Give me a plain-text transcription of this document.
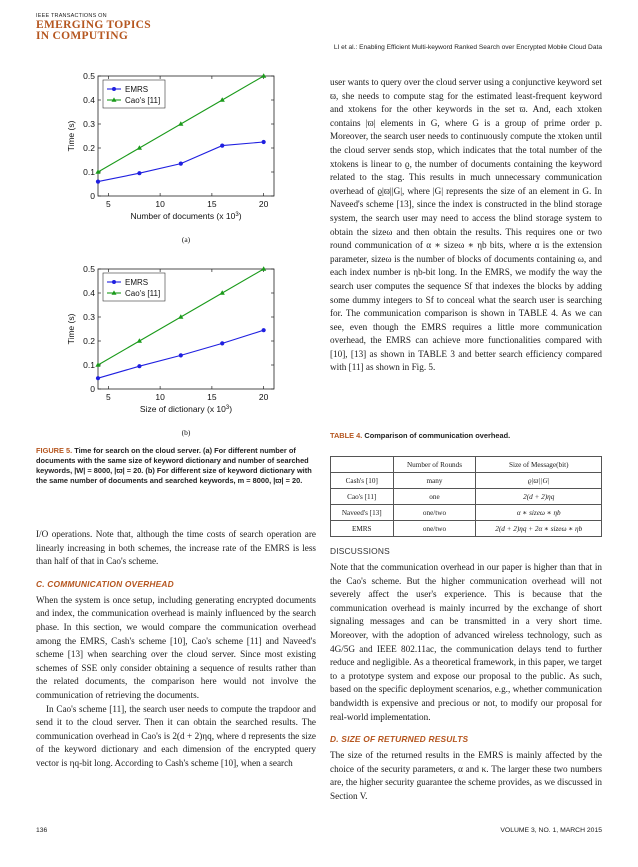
IEEE TRANSACTIONS ON
EMERGING TOPICS
IN COMPUTING
LI et al.: Enabling Efficient Multi-keyword Ranked Search over Encrypted Mobile Cloud Data
0
0.1
0.2
0.3
0.4
0.5
5	10	15	20
Number of documents (x $10^3$)
Time (s)
EMRS
Cao's [11]
(a)
0
0.1
0.2
0.3
0.4
0.5
5	10	15	20
Size of dictionary (x $10^3$)
Time (s)
EMRS
Cao's [11]
(b)
FIGURE 5. Time for search on the cloud server. (a) For different number of documents with the same size of keyword dictionary and number of searched keywords, |W| = 8000, |ϖ| = 20. (b) For different size of keyword dictionary with the same number of documents and searched keywords, m = 8000, |ϖ| = 20.

I/O operations. Note that, although the time costs of search operation are linearly increasing in both schemes, the increase rate of the EMRS is less than half of that in Cao's scheme.

C. COMMUNICATION OVERHEAD

When the system is once setup, including generating encrypted documents and index, the communication overhead is mainly influenced by the search phase. In this section, we would compare the communication overhead among the EMRS, Cash's scheme [10], Cao's scheme [11] and Naveed's scheme [13] when searching over the cloud server. Since most existing schemes of SSE only consider obtaining a sequence of results rather than the related documents, the comparison here would not involve the communication of retrieving the documents.

In Cao's scheme [11], the search user needs to compute the trapdoor and send it to the cloud server. Then it can obtain the searched results. The communication overhead in Cao's is 2(d + 2)ηq, where d represents the size of the keyword dictionary and each dimension of the encrypted query vector is ηq-bit long. According to Cash's scheme [10], when a search

user wants to query over the cloud server using a conjunctive keyword set ϖ, she needs to compute stag for the estimated least-frequent keyword and xtokens for the other keywords in the set ϖ. And, each xtoken contains |ϖ| elements in G, where G is a group of prime order p. Moreover, the search user needs to continuously compute the xtoken until the cloud server sends stop, which indicates that the total number of the xtokens is linear to ϱ, the number of documents containing the keyword related to the stag. This results in much unnecessary communication overhead of ϱ|ϖ||G|, where |G| represents the size of an element in G. In Naveed's scheme [13], since the index is constructed in the blind storage system, the search user may need to access the blind storage system to obtain the sizeω and then obtain the results. This requires one or two round communication of α ∗ sizeω ∗ ηb bits, where α is the extension parameter, sizeω is the number of blocks of documents containing ω, and each index number is ηb-bit long. In the EMRS, we modify the way the search user computes the sequence Sf that indexes the blocks by adding some dummy integers to Sf to conceal what the search user is searching for. The communication comparison is shown in TABLE 4. As we can see, even though the EMRS requires a little more communication overhead, the EMRS can achieve more functionalities compared with [10], [13] as shown in TABLE 3 and better search efficiency compared with [11] as shown in Fig. 5.

TABLE 4. Comparison of communication overhead.
	Number of Rounds	Size of Message(bit)
Cash's [10]	many	ϱ|ϖ||G|
Cao's [11]	one	2(d + 2)ηq
Naveed's [13]	one/two	α ∗ sizeω ∗ ηb
EMRS	one/two	2(d + 2)ηq + 2α ∗ sizeω ∗ ηb
DISCUSSIONS

Note that the communication overhead in our paper is higher than that in the Cao's scheme. But the higher communication overhead will not severely affect the user's experience. This is because that the communication overhead is mainly incurred by the exchange of short signaling messages and can be transmitted in a very short time. Moreover, with the adoption of advanced wireless technology, such as 4G/5G and IEEE 802.11ac, the communication delays tend to further reduce and negligible. As a theoretical framework, in this paper, we target to a prototype system and expose our proposal to the public. As such, based on the specific deployment scenarios, e.g., whether communication bandwidth is expensive and precious or not, to modify our proposal for real-world implementation.

D. SIZE OF RETURNED RESULTS

The size of the returned results in the EMRS is mainly affected by the choice of the security parameters, α and κ. The larger these two numbers are, the higher security guarantee the scheme provides, as we discussed in Section V.

136	VOLUME 3, NO. 1, MARCH 2015
